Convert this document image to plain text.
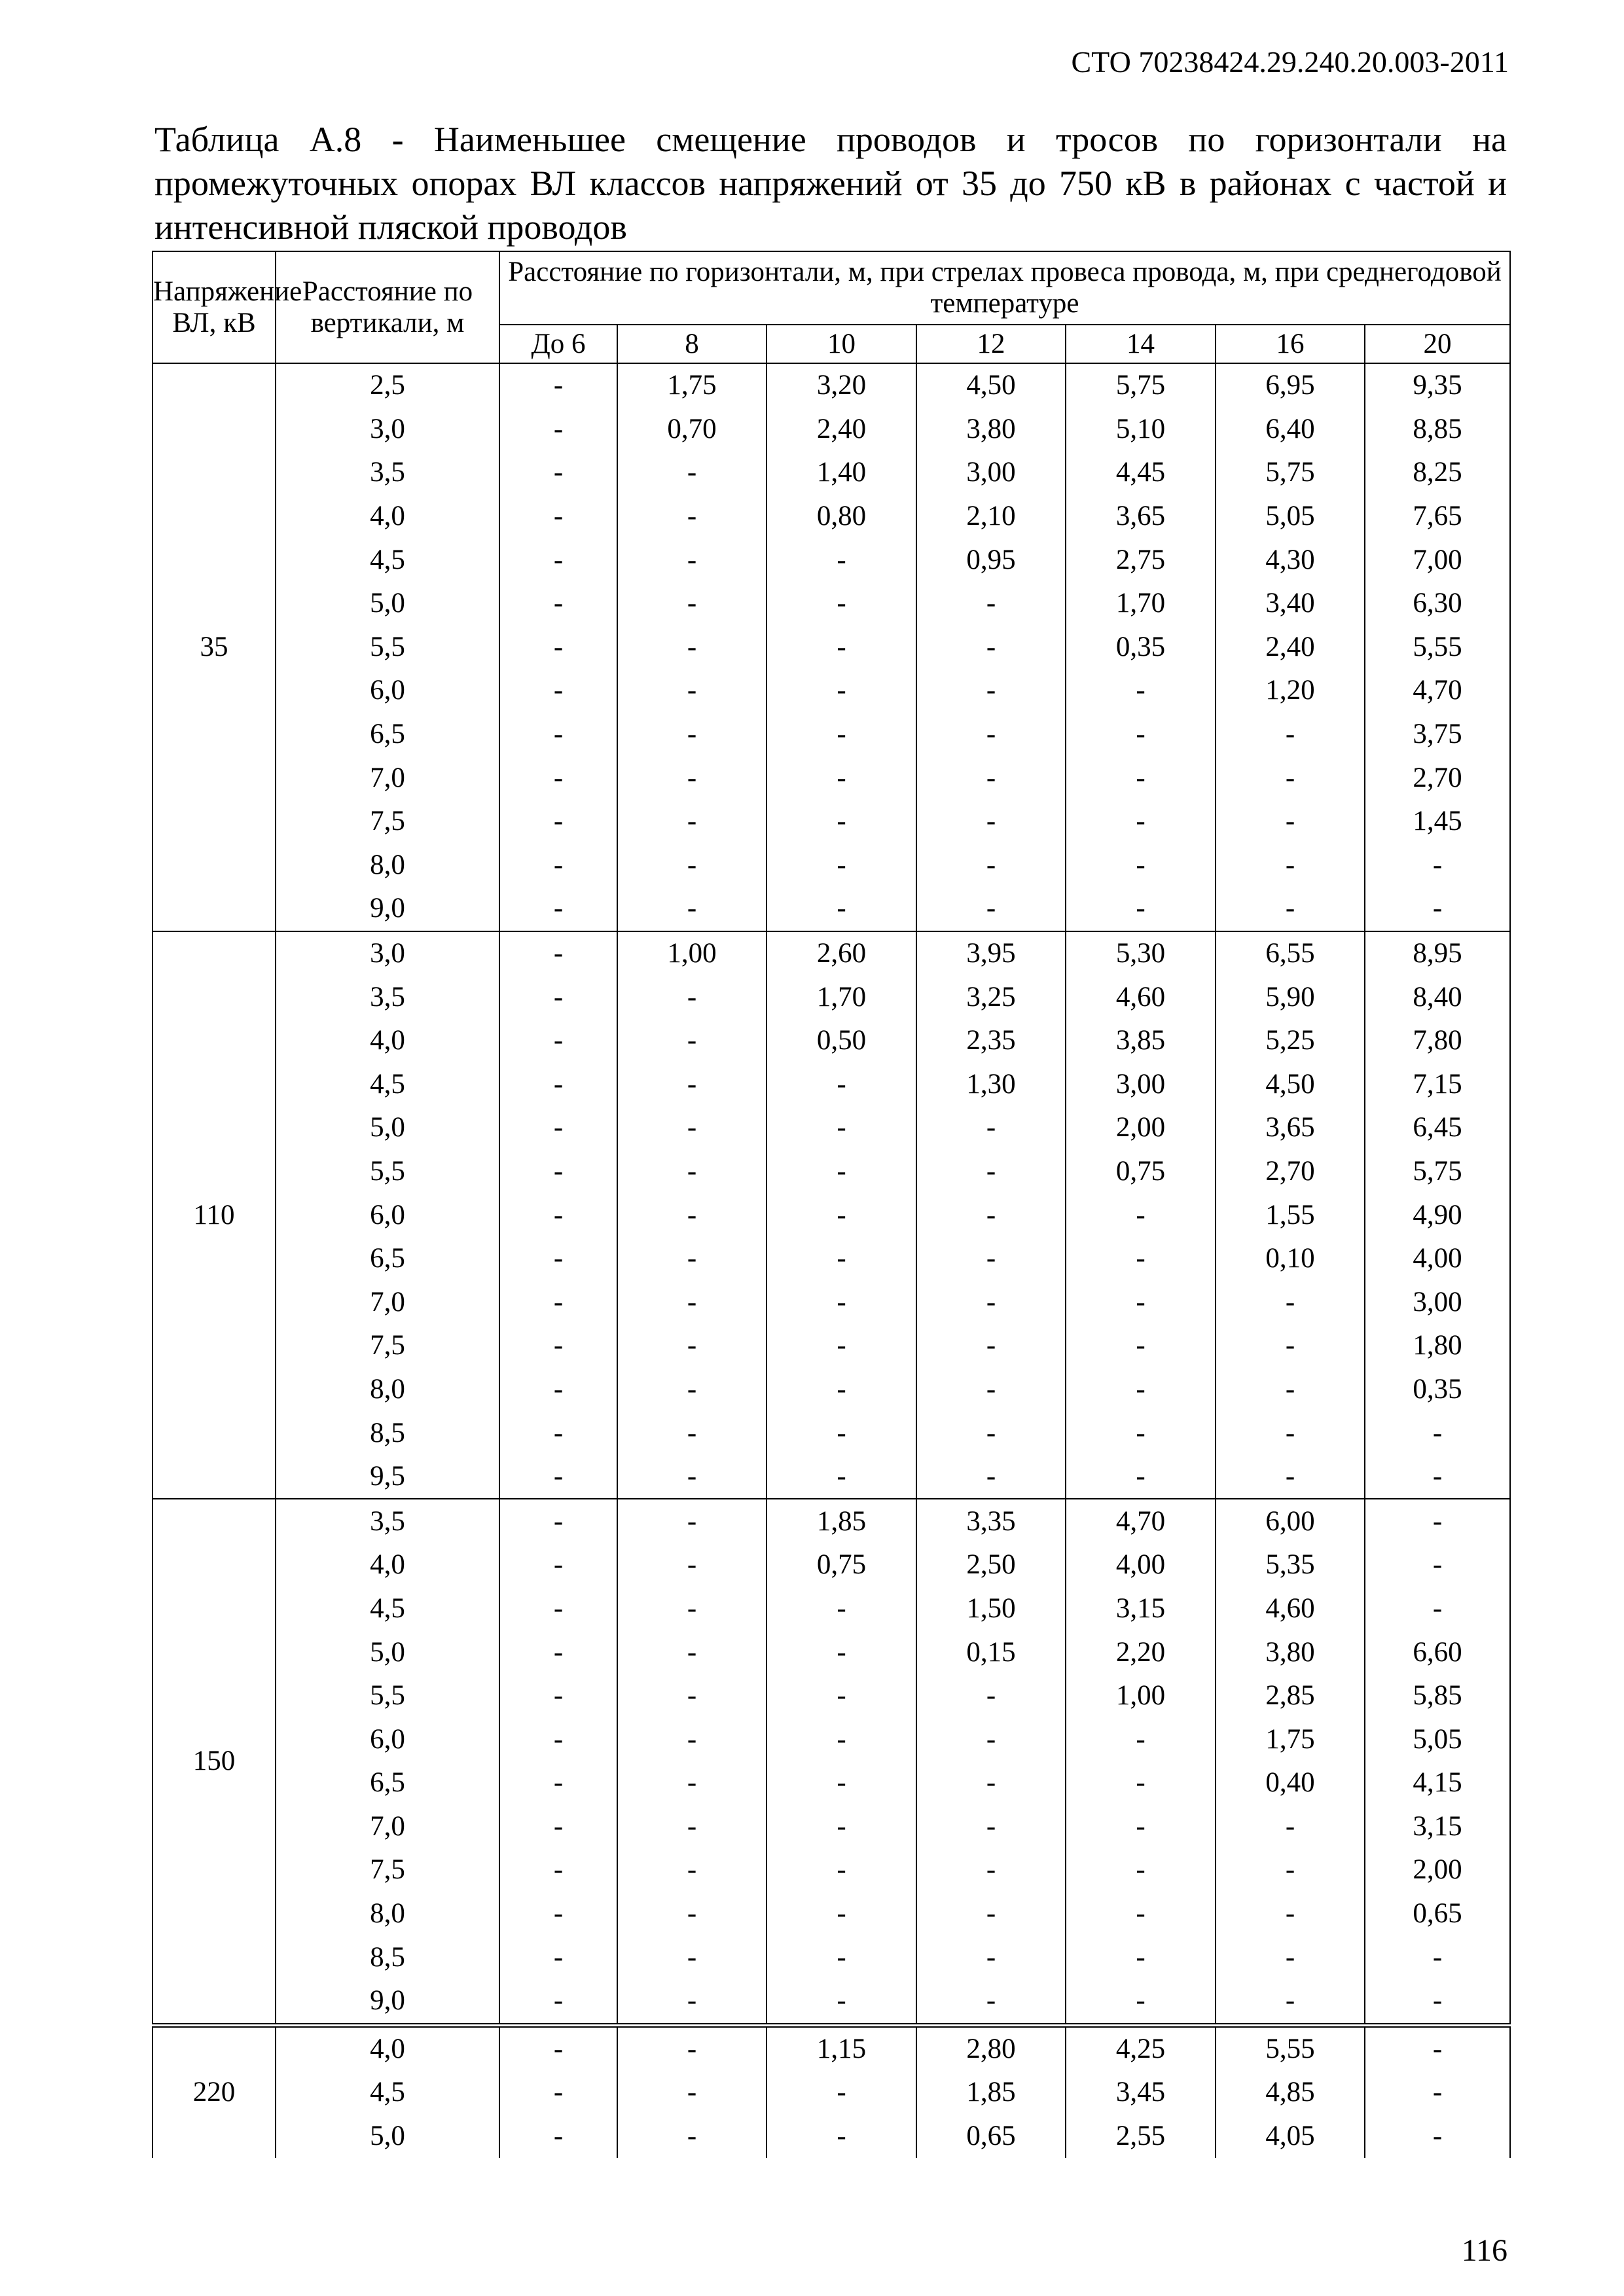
СТО 70238424.29.240.20.003-2011
Таблица А.8 - Наименьшее смещение проводов и тросов по горизонтали на промежуточных опорах ВЛ классов напряжений от 35 до 750 кВ в районах с частой и интенсивной пляской проводов
Напряжение ВЛ, кВ	Расстояние по вертикали, м	Расстояние по горизонтали, м, при стрелах провеса провода, м, при среднегодовой температуре						
		До 6	8	10	12	14	16	20
35	2,5	-	1,75	3,20	4,50	5,75	6,95	9,35
	3,0	-	0,70	2,40	3,80	5,10	6,40	8,85
	3,5	-	-	1,40	3,00	4,45	5,75	8,25
	4,0	-	-	0,80	2,10	3,65	5,05	7,65
	4,5	-	-	-	0,95	2,75	4,30	7,00
	5,0	-	-	-	-	1,70	3,40	6,30
	5,5	-	-	-	-	0,35	2,40	5,55
	6,0	-	-	-	-	-	1,20	4,70
	6,5	-	-	-	-	-	-	3,75
	7,0	-	-	-	-	-	-	2,70
	7,5	-	-	-	-	-	-	1,45
	8,0	-	-	-	-	-	-	-
	9,0	-	-	-	-	-	-	-
110	3,0	-	1,00	2,60	3,95	5,30	6,55	8,95
	3,5	-	-	1,70	3,25	4,60	5,90	8,40
	4,0	-	-	0,50	2,35	3,85	5,25	7,80
	4,5	-	-	-	1,30	3,00	4,50	7,15
	5,0	-	-	-	-	2,00	3,65	6,45
	5,5	-	-	-	-	0,75	2,70	5,75
	6,0	-	-	-	-	-	1,55	4,90
	6,5	-	-	-	-	-	0,10	4,00
	7,0	-	-	-	-	-	-	3,00
	7,5	-	-	-	-	-	-	1,80
	8,0	-	-	-	-	-	-	0,35
	8,5	-	-	-	-	-	-	-
	9,5	-	-	-	-	-	-	-
150	3,5	-	-	1,85	3,35	4,70	6,00	-
	4,0	-	-	0,75	2,50	4,00	5,35	-
	4,5	-	-	-	1,50	3,15	4,60	-
	5,0	-	-	-	0,15	2,20	3,80	6,60
	5,5	-	-	-	-	1,00	2,85	5,85
	6,0	-	-	-	-	-	1,75	5,05
	6,5	-	-	-	-	-	0,40	4,15
	7,0	-	-	-	-	-	-	3,15
	7,5	-	-	-	-	-	-	2,00
	8,0	-	-	-	-	-	-	0,65
	8,5	-	-	-	-	-	-	-
	9,0	-	-	-	-	-	-	-
220	4,0	-	-	1,15	2,80	4,25	5,55	-
	4,5	-	-	-	1,85	3,45	4,85	-
	5,0	-	-	-	0,65	2,55	4,05	-
116
